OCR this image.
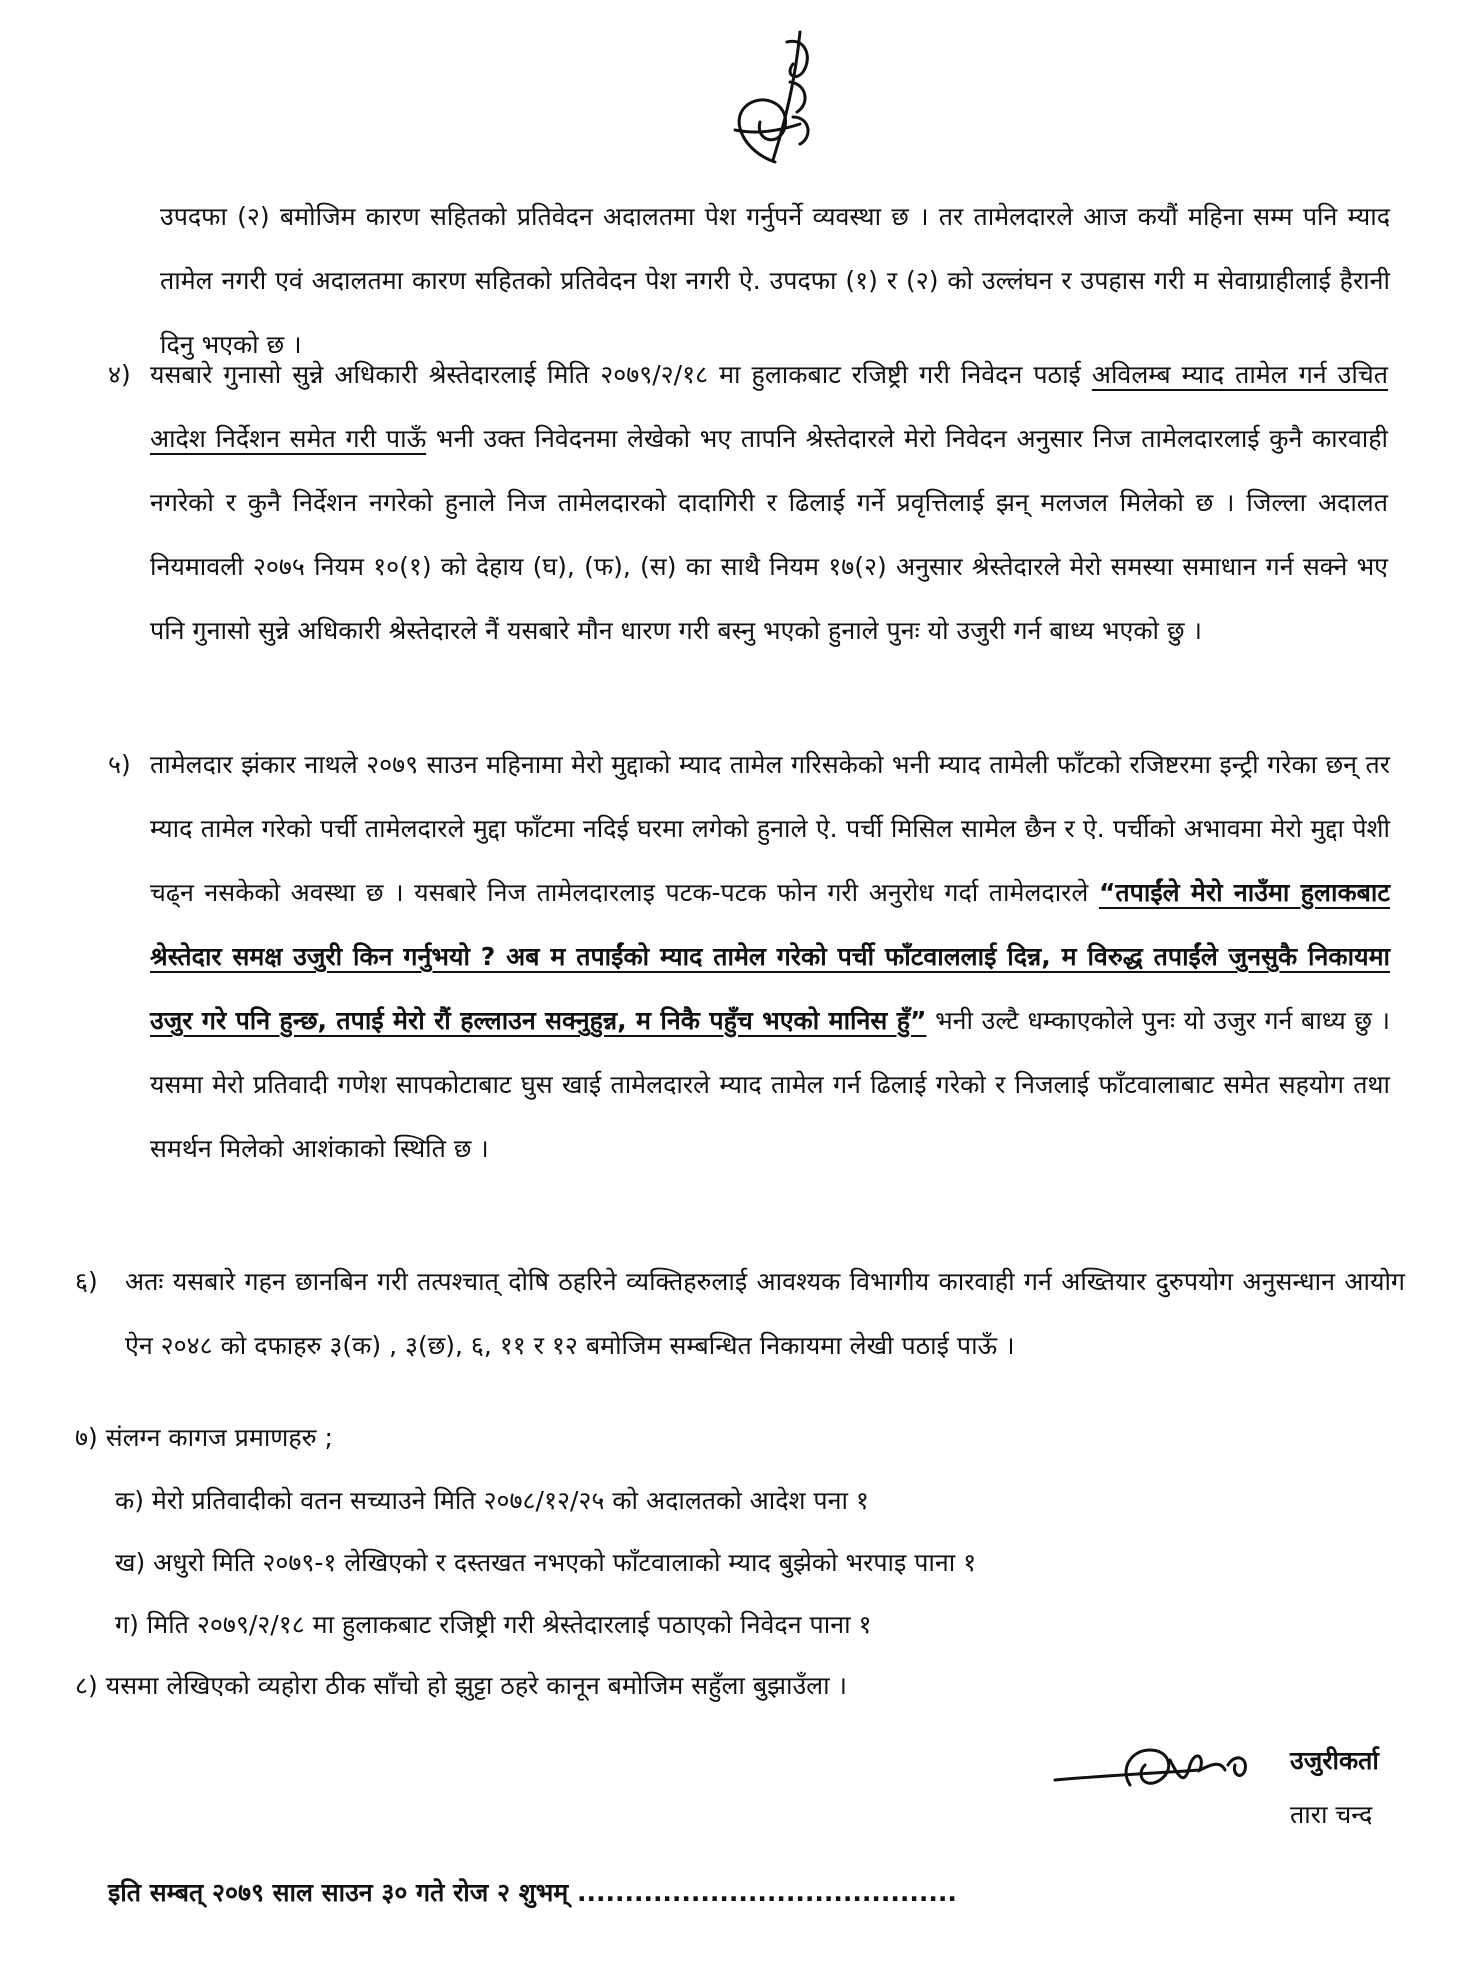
उपदफा (२) बमोजिम कारण सहितको प्रतिवेदन अदालतमा पेश गर्नुपर्ने व्यवस्था छ । तर तामेलदारले आज कयौं महिना सम्म पनि म्याद तामेल नगरी एवं अदालतमा कारण सहितको प्रतिवेदन पेश नगरी ऐ. उपदफा (१) र (२) को उल्लंघन र उपहास गरी म सेवाग्राहीलाई हैरानी दिनु भएको छ ।
४) यसबारे गुनासो सुन्ने अधिकारी श्रेस्तेदारलाई मिति २०७९/२/१८ मा हुलाकबाट रजिष्ट्री गरी निवेदन पठाई अविलम्ब म्याद तामेल गर्न उचित आदेश निर्देशन समेत गरी पाऊँ भनी उक्त निवेदनमा लेखेको भए तापनि श्रेस्तेदारले मेरो निवेदन अनुसार निज तामेलदारलाई कुनै कारवाही नगरेको र कुनै निर्देशन नगरेको हुनाले निज तामेलदारको दादागिरी र ढिलाई गर्ने प्रवृत्तिलाई झन् मलजल मिलेको छ । जिल्ला अदालत नियमावली २०७५ नियम १०(१) को देहाय (घ), (फ), (स) का साथै नियम १७(२) अनुसार श्रेस्तेदारले मेरो समस्या समाधान गर्न सक्ने भए पनि गुनासो सुन्ने अधिकारी श्रेस्तेदारले नैं यसबारे मौन धारण गरी बस्नु भएको हुनाले पुनः यो उजुरी गर्न बाध्य भएको छु ।
५) तामेलदार झंकार नाथले २०७९ साउन महिनामा मेरो मुद्दाको म्याद तामेल गरिसकेको भनी म्याद तामेली फाँटको रजिष्टरमा इन्ट्री गरेका छन् तर म्याद तामेल गरेको पर्ची तामेलदारले मुद्दा फाँटमा नदिई घरमा लगेको हुनाले ऐ. पर्ची मिसिल सामेल छैन र ऐ. पर्चीको अभावमा मेरो मुद्दा पेशी चढ्न नसकेको अवस्था छ । यसबारे निज तामेलदारलाइ पटक-पटक फोन गरी अनुरोध गर्दा तामेलदारले “तपाईंले मेरो नाउँमा हुलाकबाट श्रेस्तेदार समक्ष उजुरी किन गर्नुभयो ? अब म तपाईंको म्याद तामेल गरेको पर्ची फाँटवाललाई दिन्न, म विरुद्ध तपाईंले जुनसुकै निकायमा उजुर गरे पनि हुन्छ, तपाई मेरो रौं हल्लाउन सक्नुहुन्न, म निकै पहुँच भएको मानिस हुँ” भनी उल्टै धम्काएकोले पुनः यो उजुर गर्न बाध्य छु । यसमा मेरो प्रतिवादी गणेश सापकोटाबाट घुस खाई तामेलदारले म्याद तामेल गर्न ढिलाई गरेको र निजलाई फाँटवालाबाट समेत सहयोग तथा समर्थन मिलेको आशंकाको स्थिति छ ।
६) अतः यसबारे गहन छानबिन गरी तत्पश्चात् दोषि ठहरिने व्यक्तिहरुलाई आवश्यक विभागीय कारवाही गर्न अख्तियार दुरुपयोग अनुसन्धान आयोग ऐन २०४८ को दफाहरु ३(क) , ३(छ), ६, ११ र १२ बमोजिम सम्बन्धित निकायमा लेखी पठाई पाऊँ ।
७) संलग्न कागज प्रमाणहरु ;
क) मेरो प्रतिवादीको वतन सच्याउने मिति २०७८/१२/२५ को अदालतको आदेश पना १
ख) अधुरो मिति २०७९-१ लेखिएको र दस्तखत नभएको फाँटवालाको म्याद बुझेको भरपाइ पाना १
ग) मिति २०७९/२/१८ मा हुलाकबाट रजिष्ट्री गरी श्रेस्तेदारलाई पठाएको निवेदन पाना १
८) यसमा लेखिएको व्यहोरा ठीक साँचो हो झुट्टा ठहरे कानून बमोजिम सहुँला बुझाउँला ।
उजुरीकर्ता
तारा चन्द
इति सम्बत् २०७९ साल साउन ३० गते रोज २ शुभम् ........................................
